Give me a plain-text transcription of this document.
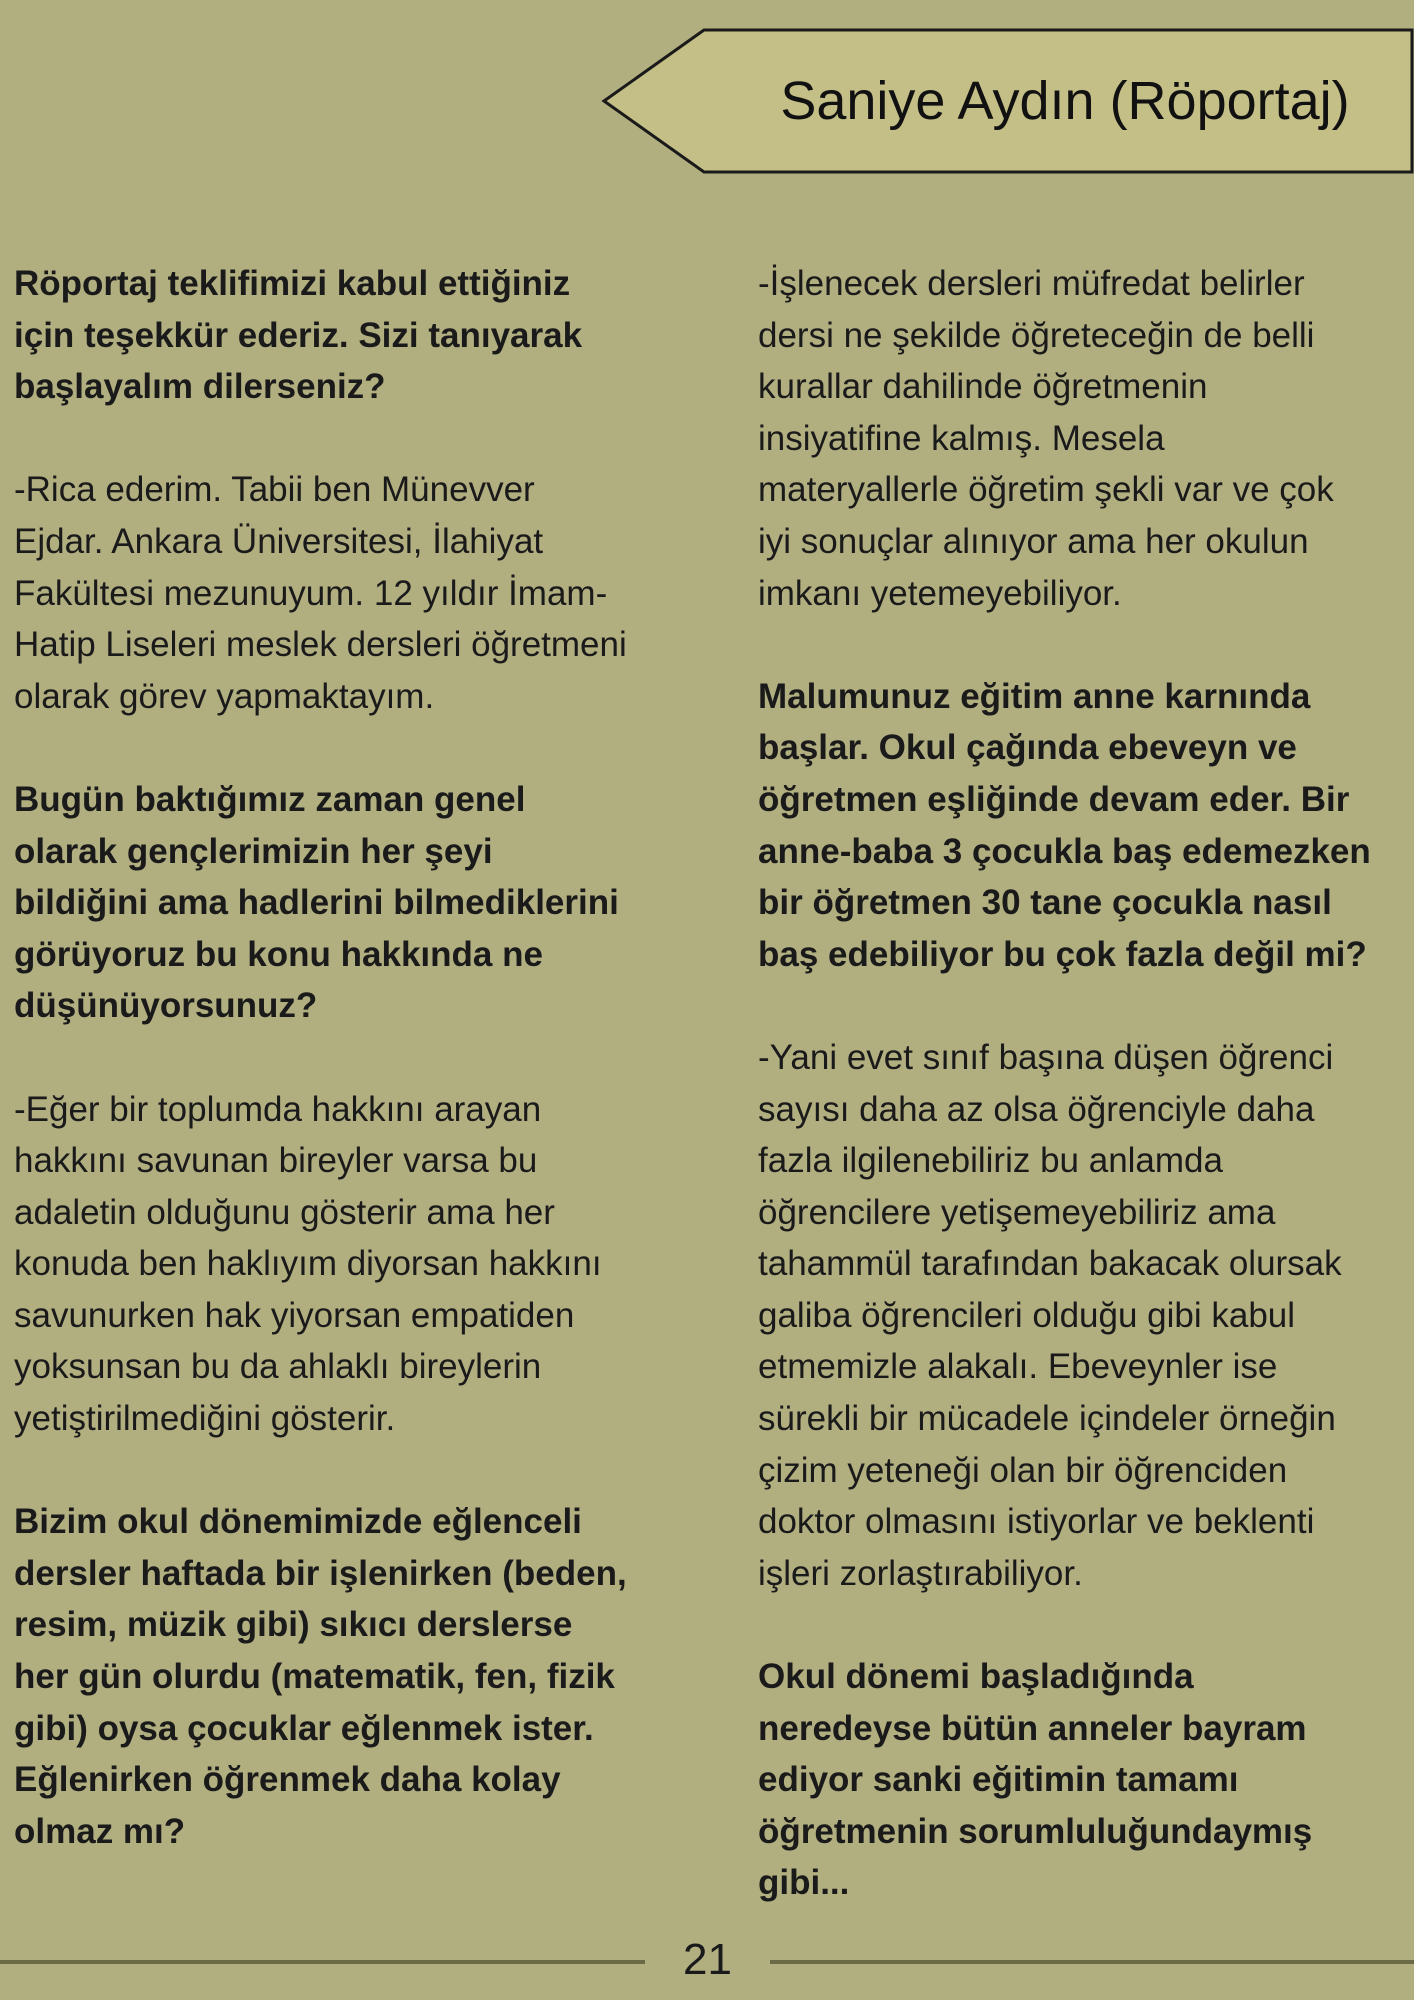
Saniye Aydın (Röportaj)
Röportaj teklifimizi kabul ettiğiniz
için teşekkür ederiz. Sizi tanıyarak
başlayalım dilerseniz?
-Rica ederim. Tabii ben Münevver
Ejdar. Ankara Üniversitesi, İlahiyat
Fakültesi mezunuyum. 12 yıldır İmam-
Hatip Liseleri meslek dersleri öğretmeni
olarak görev yapmaktayım.
Bugün baktığımız zaman genel
olarak gençlerimizin her şeyi
bildiğini ama hadlerini bilmediklerini
görüyoruz bu konu hakkında ne
düşünüyorsunuz?
-Eğer bir toplumda hakkını arayan
hakkını savunan bireyler varsa bu
adaletin olduğunu gösterir ama her
konuda ben haklıyım diyorsan hakkını
savunurken hak yiyorsan empatiden
yoksunsan bu da ahlaklı bireylerin
yetiştirilmediğini gösterir.
Bizim okul dönemimizde eğlenceli
dersler haftada bir işlenirken (beden,
resim, müzik gibi) sıkıcı derslerse
her gün olurdu (matematik, fen, fizik
gibi) oysa çocuklar eğlenmek ister.
Eğlenirken öğrenmek daha kolay
olmaz mı?
-İşlenecek dersleri müfredat belirler
dersi ne şekilde öğreteceğin de belli
kurallar dahilinde öğretmenin
insiyatifine kalmış. Mesela
materyallerle öğretim şekli var ve çok
iyi sonuçlar alınıyor ama her okulun
imkanı yetemeyebiliyor.
Malumunuz eğitim anne karnında
başlar. Okul çağında ebeveyn ve
öğretmen eşliğinde devam eder. Bir
anne-baba 3 çocukla baş edemezken
bir öğretmen 30 tane çocukla nasıl
baş edebiliyor bu çok fazla değil mi?
-Yani evet sınıf başına düşen öğrenci
sayısı daha az olsa öğrenciyle daha
fazla ilgilenebiliriz bu anlamda
öğrencilere yetişemeyebiliriz ama
tahammül tarafından bakacak olursak
galiba öğrencileri olduğu gibi kabul
etmemizle alakalı. Ebeveynler ise
sürekli bir mücadele içindeler örneğin
çizim yeteneği olan bir öğrenciden
doktor olmasını istiyorlar ve beklenti
işleri zorlaştırabiliyor.
Okul dönemi başladığında
neredeyse bütün anneler bayram
ediyor sanki eğitimin tamamı
öğretmenin sorumluluğundaymış
gibi...
21
